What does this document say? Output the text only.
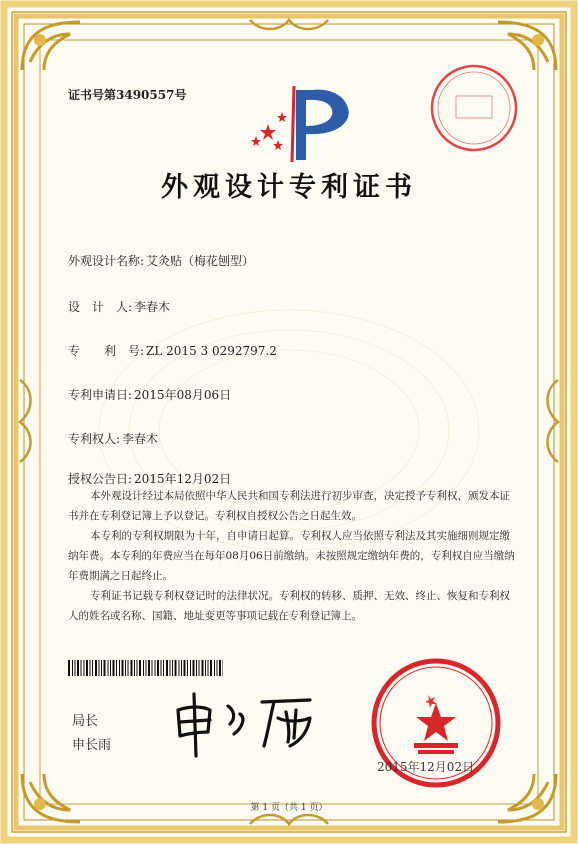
证书号第3490557号
外观设计专利证书
外观设计名称: 艾灸贴（梅花刨型）
设　计　人: 李春木
专　　利　号: ZL 2015 3 0292797.2
专利申请日: 2015年08月06日
专利权人: 李春木
授权公告日: 2015年12月02日

本外观设计经过本局依照中华人民共和国专利法进行初步审查，决定授予专利权，颁发本证书并在专利登记簿上予以登记。专利权自授权公告之日起生效。

本专利的专利权期限为十年，自申请日起算。专利权人应当依照专利法及其实施细则规定缴纳年费。本专利的年费应当在每年08月06日前缴纳。未按照规定缴纳年费的，专利权自应当缴纳年费期满之日起终止。

专利证书记载专利权登记时的法律状况。专利权的转移、质押、无效、终止、恢复和专利权人的姓名或名称、国籍、地址变更等事项记载在专利登记簿上。

局长
申长雨
2015年12月02日
第 1 页（共 1 页）
